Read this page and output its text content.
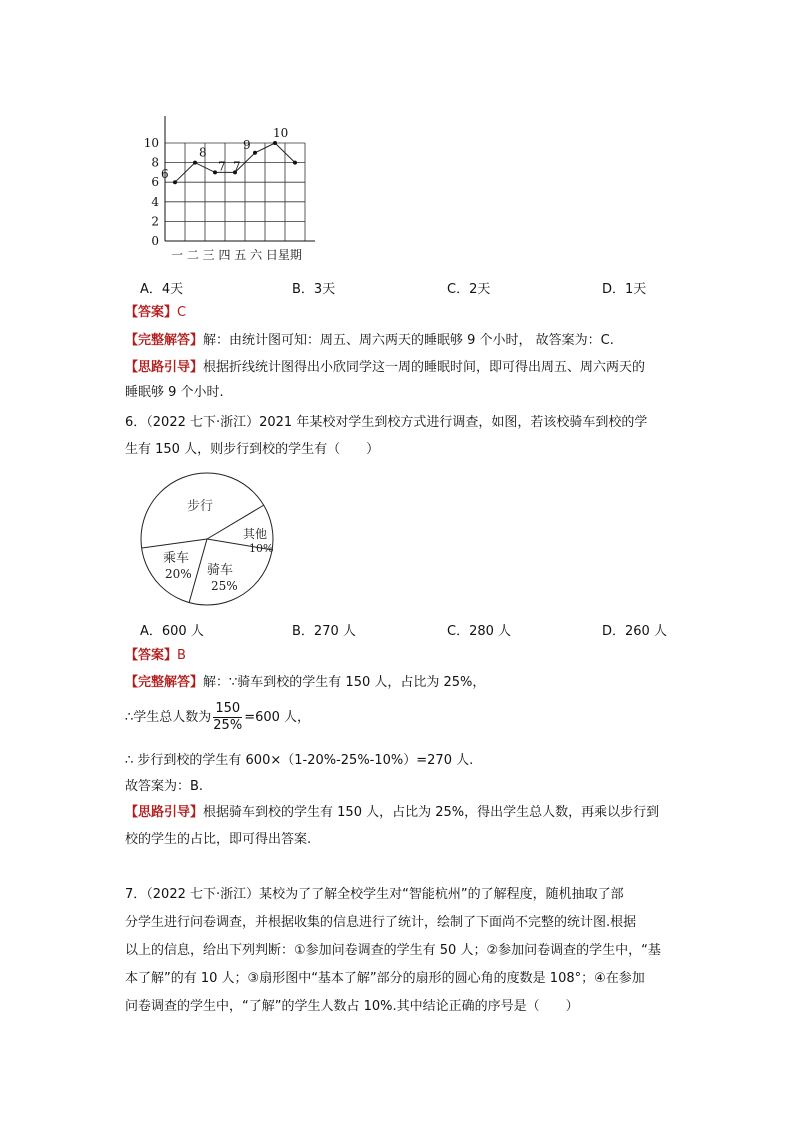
0
2
4
6
8
10
一 二 三 四 五 六 日星期
6
8
7 7
9
10
A．4天	B．3天	C．2天	D．1天
【答案】C
【完整解答】解：由统计图可知：周五、周六两天的睡眠够 9 个小时， 故答案为：C.
【思路引导】根据折线统计图得出小欣同学这一周的睡眠时间，即可得出周五、周六两天的
睡眠够 9 个小时.
6．（2022 七下·浙江）2021 年某校对学生到校方式进行调查，如图，若该校骑车到校的学
生有 150 人，则步行到校的学生有（　　）
步行
其他
10%
骑车
25%
乘车
20%
A．600 人	B．270 人	C．280 人	D．260 人
【答案】B
【完整解答】解：∵骑车到校的学生有 150 人，占比为 25%，
∴学生总人数为 $\frac{150}{25\%} =600$ 人，
∴ 步行到校的学生有 600×（1-20%-25%-10%）=270 人.
故答案为：B.
【思路引导】根据骑车到校的学生有 150 人，占比为 25%，得出学生总人数，再乘以步行到
校的学生的占比，即可得出答案.
7．（2022 七下·浙江）某校为了了解全校学生对“智能杭州”的了解程度，随机抽取了部
分学生进行问卷调查，并根据收集的信息进行了统计，绘制了下面尚不完整的统计图.根据
以上的信息，给出下列判断：①参加问卷调查的学生有 50 人；②参加问卷调查的学生中，“基
本了解”的有 10 人；③扇形图中“基本了解”部分的扇形的圆心角的度数是 108°；④在参加
问卷调查的学生中，“了解”的学生人数占 10%.其中结论正确的序号是（　　）
